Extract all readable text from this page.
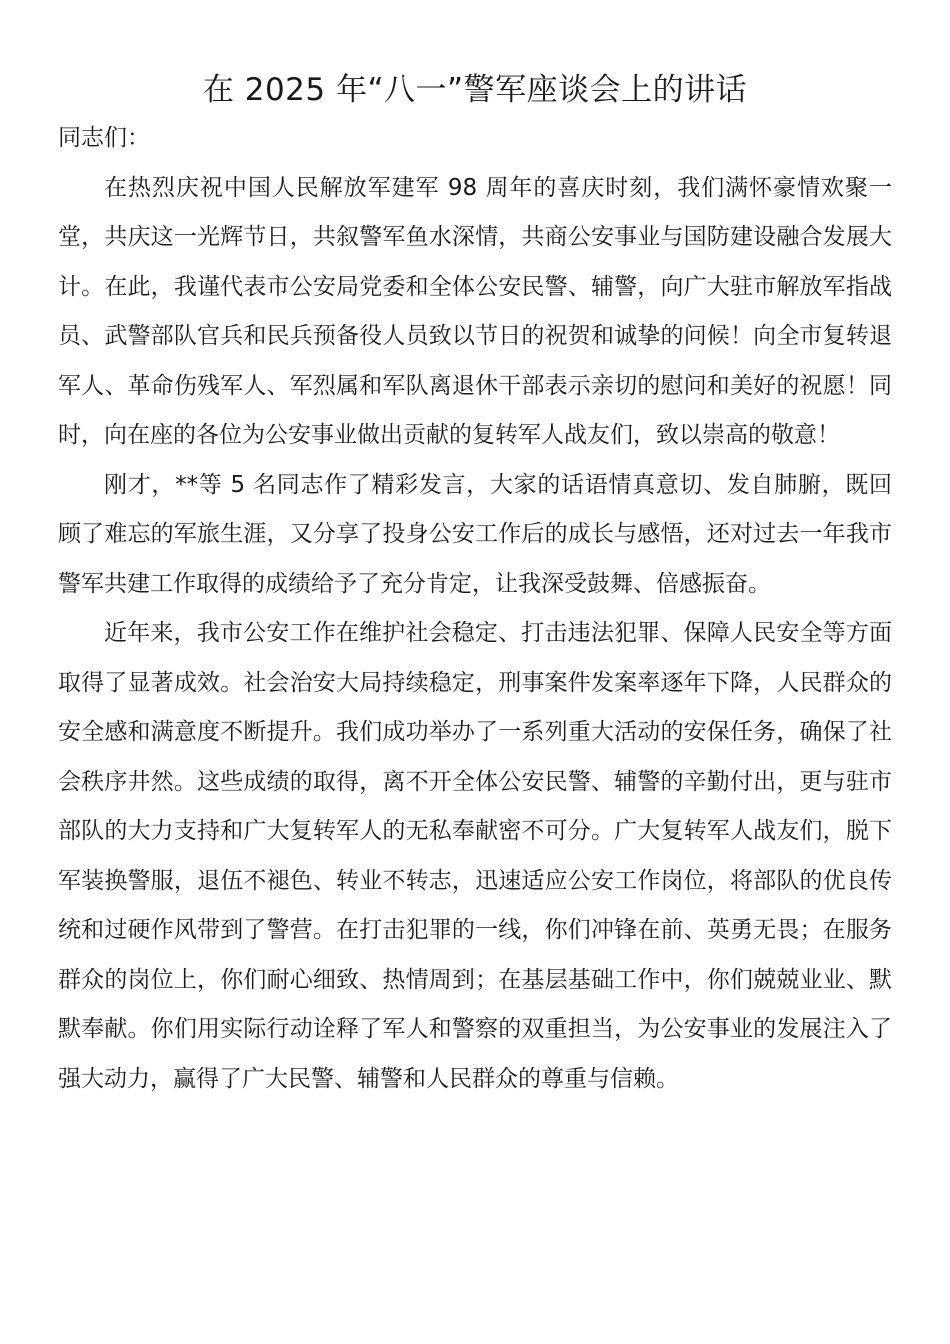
在 2025 年“八一”警军座谈会上的讲话

同志们：

在热烈庆祝中国人民解放军建军 98 周年的喜庆时刻，我们满怀豪情欢聚一堂，共庆这一光辉节日，共叙警军鱼水深情，共商公安事业与国防建设融合发展大计。在此，我谨代表市公安局党委和全体公安民警、辅警，向广大驻市解放军指战员、武警部队官兵和民兵预备役人员致以节日的祝贺和诚挚的问候！向全市复转退军人、革命伤残军人、军烈属和军队离退休干部表示亲切的慰问和美好的祝愿！同时，向在座的各位为公安事业做出贡献的复转军人战友们，致以崇高的敬意！

刚才，**等 5 名同志作了精彩发言，大家的话语情真意切、发自肺腑，既回顾了难忘的军旅生涯，又分享了投身公安工作后的成长与感悟，还对过去一年我市警军共建工作取得的成绩给予了充分肯定，让我深受鼓舞、倍感振奋。

近年来，我市公安工作在维护社会稳定、打击违法犯罪、保障人民安全等方面取得了显著成效。社会治安大局持续稳定，刑事案件发案率逐年下降，人民群众的安全感和满意度不断提升。我们成功举办了一系列重大活动的安保任务，确保了社会秩序井然。这些成绩的取得，离不开全体公安民警、辅警的辛勤付出，更与驻市部队的大力支持和广大复转军人的无私奉献密不可分。广大复转军人战友们，脱下军装换警服，退伍不褪色、转业不转志，迅速适应公安工作岗位，将部队的优良传统和过硬作风带到了警营。在打击犯罪的一线，你们冲锋在前、英勇无畏；在服务群众的岗位上，你们耐心细致、热情周到；在基层基础工作中，你们兢兢业业、默默奉献。你们用实际行动诠释了军人和警察的双重担当，为公安事业的发展注入了强大动力，赢得了广大民警、辅警和人民群众的尊重与信赖。
